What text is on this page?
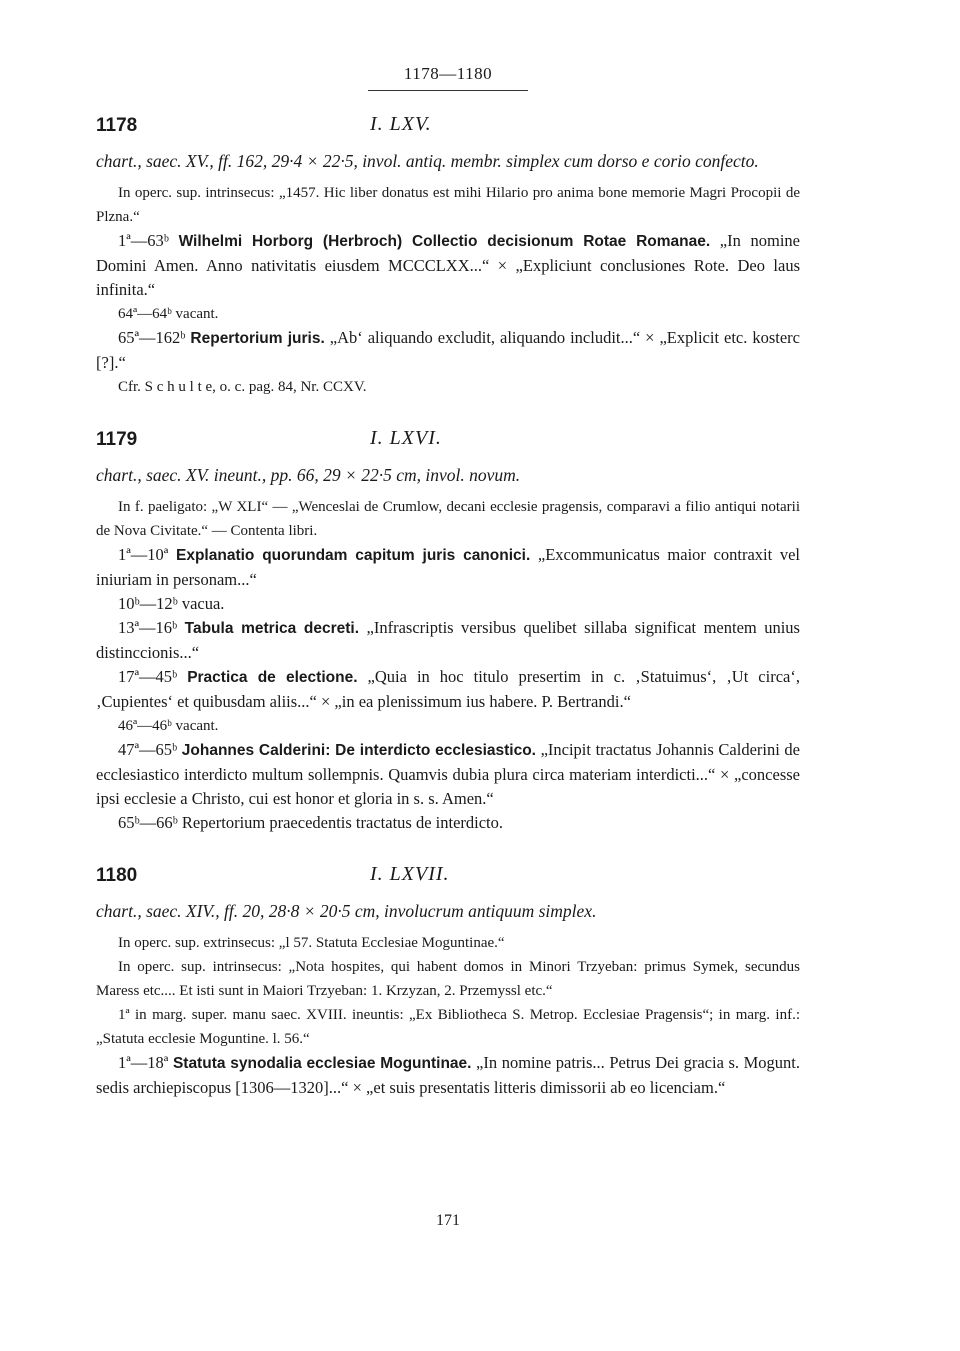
1178—1180
1178	I. LXV.

chart., saec. XV., ff. 162, 29·4 × 22·5, invol. antiq. membr. simplex cum dorso e corio confecto.

In operc. sup. intrinsecus: „1457. Hic liber donatus est mihi Hilario pro anima bone memorie Magri Procopii de Plzna.“

1ª—63ᵇ Wilhelmi Horborg (Herbroch) Collectio decisionum Rotae Romanae. „In nomine Domini Amen. Anno nativitatis eiusdem MCCCLXX...“ × „Expliciunt conclusiones Rote. Deo laus infinita.“

64ª—64ᵇ vacant.

65ª—162ᵇ Repertorium juris. „Ab‘ aliquando excludit, aliquando includit...“ × „Explicit etc. kosterc [?].“

Cfr. S c h u l t e, o. c. pag. 84, Nr. CCXV.

1179	I. LXVI.

chart., saec. XV. ineunt., pp. 66, 29 × 22·5 cm, invol. novum.

In f. paeligato: „W XLI“ — „Wenceslai de Crumlow, decani ecclesie pragensis, comparavi a filio antiqui notarii de Nova Civitate.“ — Contenta libri.

1ª—10ª Explanatio quorundam capitum juris canonici. „Excommunicatus maior contraxit vel iniuriam in personam...“

10ᵇ—12ᵇ vacua.

13ª—16ᵇ Tabula metrica decreti. „Infrascriptis versibus quelibet sillaba significat mentem unius distinccionis...“

17ª—45ᵇ Practica de electione. „Quia in hoc titulo presertim in c. ‚Statuimus‘, ‚Ut circa‘, ‚Cupientes‘ et quibusdam aliis...“ × „in ea plenissimum ius habere. P. Bertrandi.“

46ª—46ᵇ vacant.

47ª—65ᵇ Johannes Calderini: De interdicto ecclesiastico. „Incipit tractatus Johannis Calderini de ecclesiastico interdicto multum sollempnis. Quamvis dubia plura circa materiam interdicti...“ × „concesse ipsi ecclesie a Christo, cui est honor et gloria in s. s. Amen.“

65ᵇ—66ᵇ Repertorium praecedentis tractatus de interdicto.

1180	I. LXVII.

chart., saec. XIV., ff. 20, 28·8 × 20·5 cm, involucrum antiquum simplex.

In operc. sup. extrinsecus: „l 57. Statuta Ecclesiae Moguntinae.“

In operc. sup. intrinsecus: „Nota hospites, qui habent domos in Minori Trzyeban: primus Symek, secundus Maress etc.... Et isti sunt in Maiori Trzyeban: 1. Krzyzan, 2. Przemyssl etc.“

1ª in marg. super. manu saec. XVIII. ineuntis: „Ex Bibliotheca S. Metrop. Ecclesiae Pragensis“; in marg. inf.: „Statuta ecclesie Moguntine. l. 56.“

1ª—18ª Statuta synodalia ecclesiae Moguntinae. „In nomine patris... Petrus Dei gracia s. Mogunt. sedis archiepiscopus [1306—1320]...“ × „et suis presentatis litteris dimissorii ab eo licenciam.“

171
